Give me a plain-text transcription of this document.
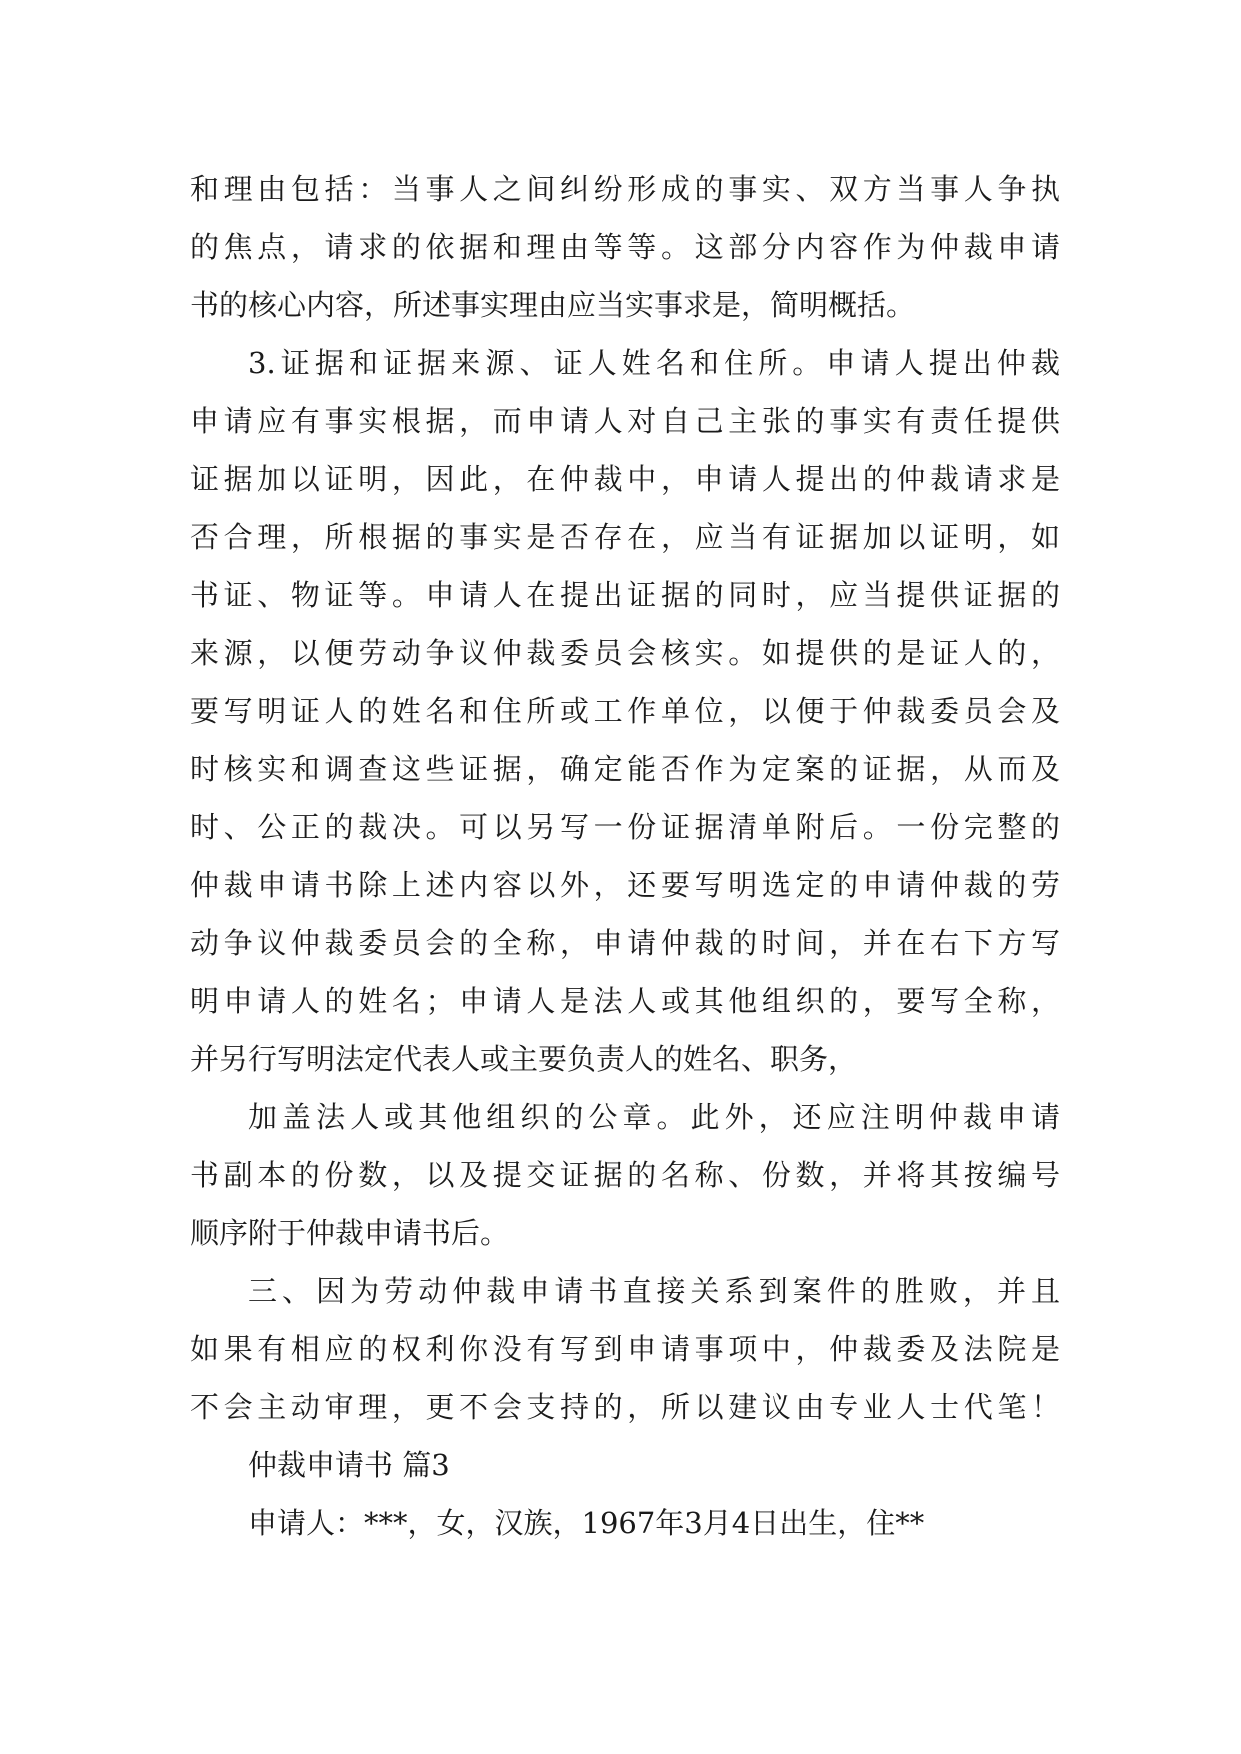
和理由包括：当事人之间纠纷形成的事实、双方当事人争执
的焦点，请求的依据和理由等等。这部分内容作为仲裁申请
书的核心内容，所述事实理由应当实事求是，简明概括。
3.证据和证据来源、证人姓名和住所。申请人提出仲裁
申请应有事实根据，而申请人对自己主张的事实有责任提供
证据加以证明，因此，在仲裁中，申请人提出的仲裁请求是
否合理，所根据的事实是否存在，应当有证据加以证明，如
书证、物证等。申请人在提出证据的同时，应当提供证据的
来源，以便劳动争议仲裁委员会核实。如提供的是证人的，
要写明证人的姓名和住所或工作单位，以便于仲裁委员会及
时核实和调查这些证据，确定能否作为定案的证据，从而及
时、公正的裁决。可以另写一份证据清单附后。一份完整的
仲裁申请书除上述内容以外，还要写明选定的申请仲裁的劳
动争议仲裁委员会的全称，申请仲裁的时间，并在右下方写
明申请人的姓名；申请人是法人或其他组织的，要写全称，
并另行写明法定代表人或主要负责人的姓名、职务，
加盖法人或其他组织的公章。此外，还应注明仲裁申请
书副本的份数，以及提交证据的名称、份数，并将其按编号
顺序附于仲裁申请书后。
三、因为劳动仲裁申请书直接关系到案件的胜败，并且
如果有相应的权利你没有写到申请事项中，仲裁委及法院是
不会主动审理，更不会支持的，所以建议由专业人士代笔！
仲裁申请书 篇3
申请人：***，女，汉族，1967年3月4日出生，住**
